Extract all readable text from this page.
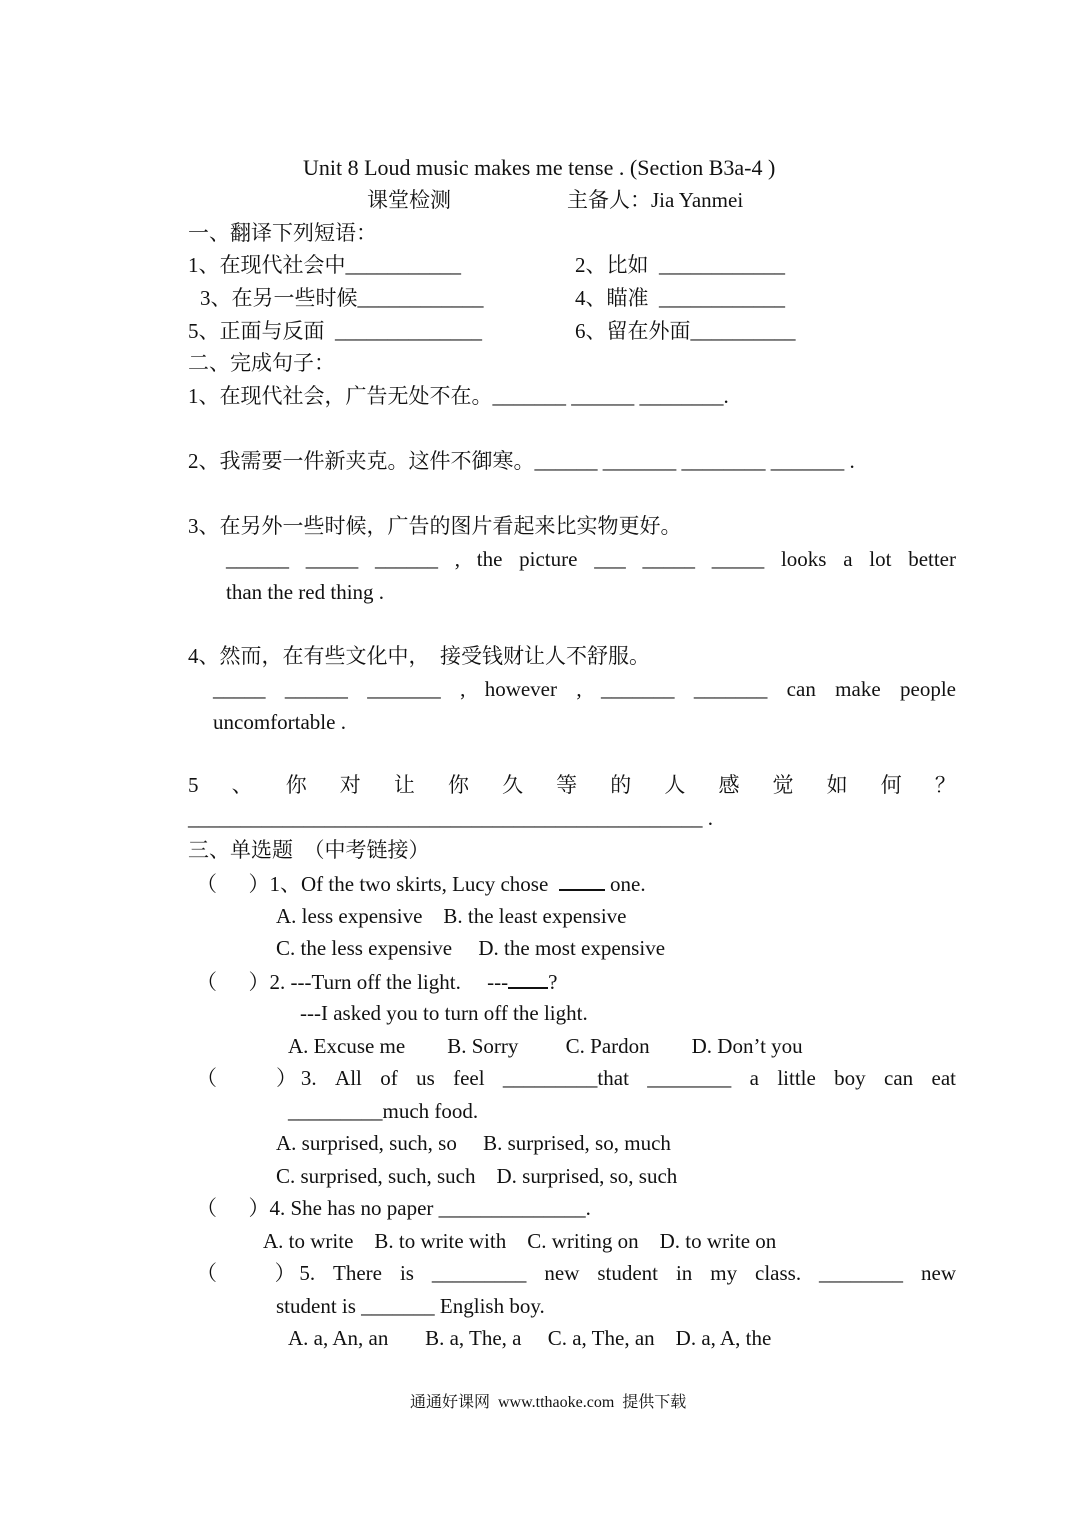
Unit 8 Loud music makes me tense . (Section B3a-4 )
课堂检测	主备人：Jia Yanmei
一、翻译下列短语：
1、在现代社会中___________	2、比如  ____________
3、在另一些时候____________	4、瞄准  ____________
5、正面与反面  ______________	6、留在外面__________
二、完成句子：
1、在现代社会，广告无处不在。_______ ______ ________.
2、我需要一件新夹克。这件不御寒。______ _______ ________ _______ .
3、在另外一些时候，广告的图片看起来比实物更好。
______ _____ ______ , the picture ___ _____ _____ looks a lot better
than the red thing .
4、然而，在有些文化中，  接受钱财让人不舒服。
_____ ______ _______ , however , _______ _______ can make people
uncomfortable .
5 、 你 对 让 你 久 等 的 人 感 觉 如 何 ？
_________________________________________________ .
三、单选题  （中考链接）
（      ）1、Of the two skirts, Lucy chose	one.
A. less expensive    B. the least expensive
C. the less expensive     D. the most expensive
（      ）2. ---Turn off the light.     --- ?
---I asked you to turn off the light.
A. Excuse me        B. Sorry         C. Pardon        D. Don’t you
（      ）3.  All  of  us  feel  _________that  ________  a  little  boy  can  eat
_________much food.
A. surprised, such, so     B. surprised, so, much
C. surprised, such, such    D. surprised, so, such
（      ）4. She has no paper ______________.
A. to write    B. to write with    C. writing on    D. to write on
（      ）5.  There  is  _________  new  student  in  my  class.  ________  new
student is _______ English boy.
A. a, An, an       B. a, The, a     C. a, The, an    D. a, A, the
通通好课网  www.tthaoke.com  提供下载
